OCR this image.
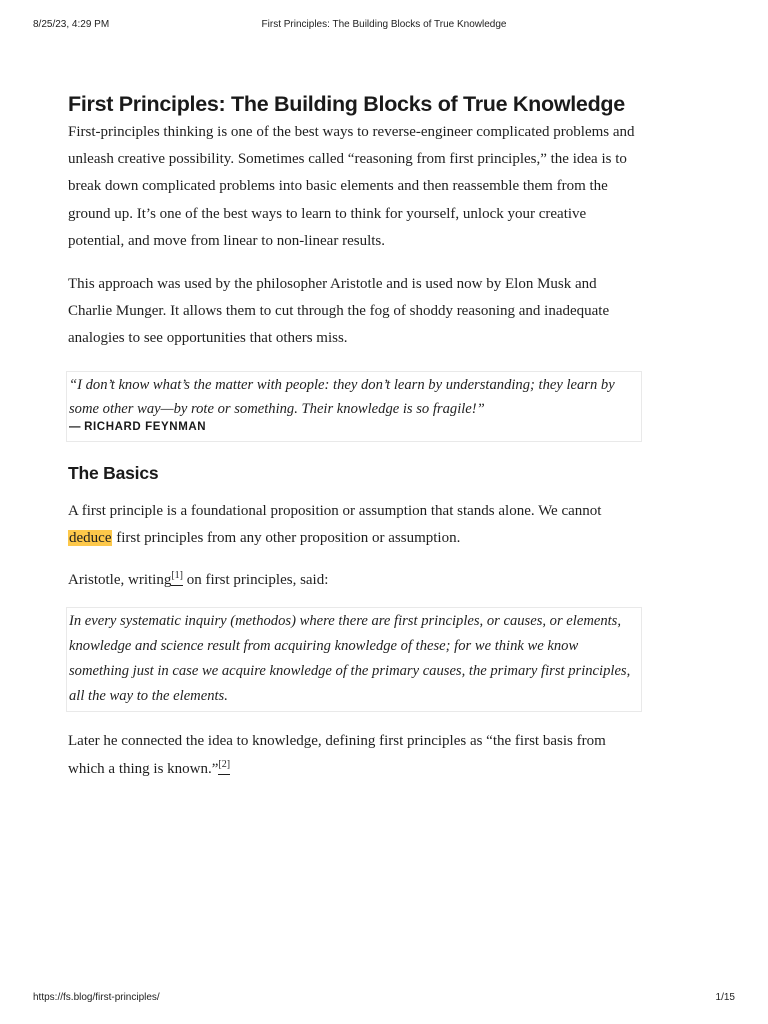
8/25/23, 4:29 PM	First Principles: The Building Blocks of True Knowledge
First Principles: The Building Blocks of True Knowledge

First-principles thinking is one of the best ways to reverse-engineer complicated problems and unleash creative possibility. Sometimes called “reasoning from first principles,” the idea is to break down complicated problems into basic elements and then reassemble them from the ground up. It’s one of the best ways to learn to think for yourself, unlock your creative potential, and move from linear to non-linear results.

This approach was used by the philosopher Aristotle and is used now by Elon Musk and Charlie Munger. It allows them to cut through the fog of shoddy reasoning and inadequate analogies to see opportunities that others miss.

“I don’t know what’s the matter with people: they don’t learn by understanding; they learn by some other way—by rote or something. Their knowledge is so fragile!”

— RICHARD FEYNMAN

The Basics

A first principle is a foundational proposition or assumption that stands alone. We cannot deduce first principles from any other proposition or assumption.

Aristotle, writing[1] on first principles, said:

In every systematic inquiry (methodos) where there are first principles, or causes, or elements, knowledge and science result from acquiring knowledge of these; for we think we know something just in case we acquire knowledge of the primary causes, the primary first principles, all the way to the elements.

Later he connected the idea to knowledge, defining first principles as “the first basis from which a thing is known.”[2]

https://fs.blog/first-principles/	1/15
